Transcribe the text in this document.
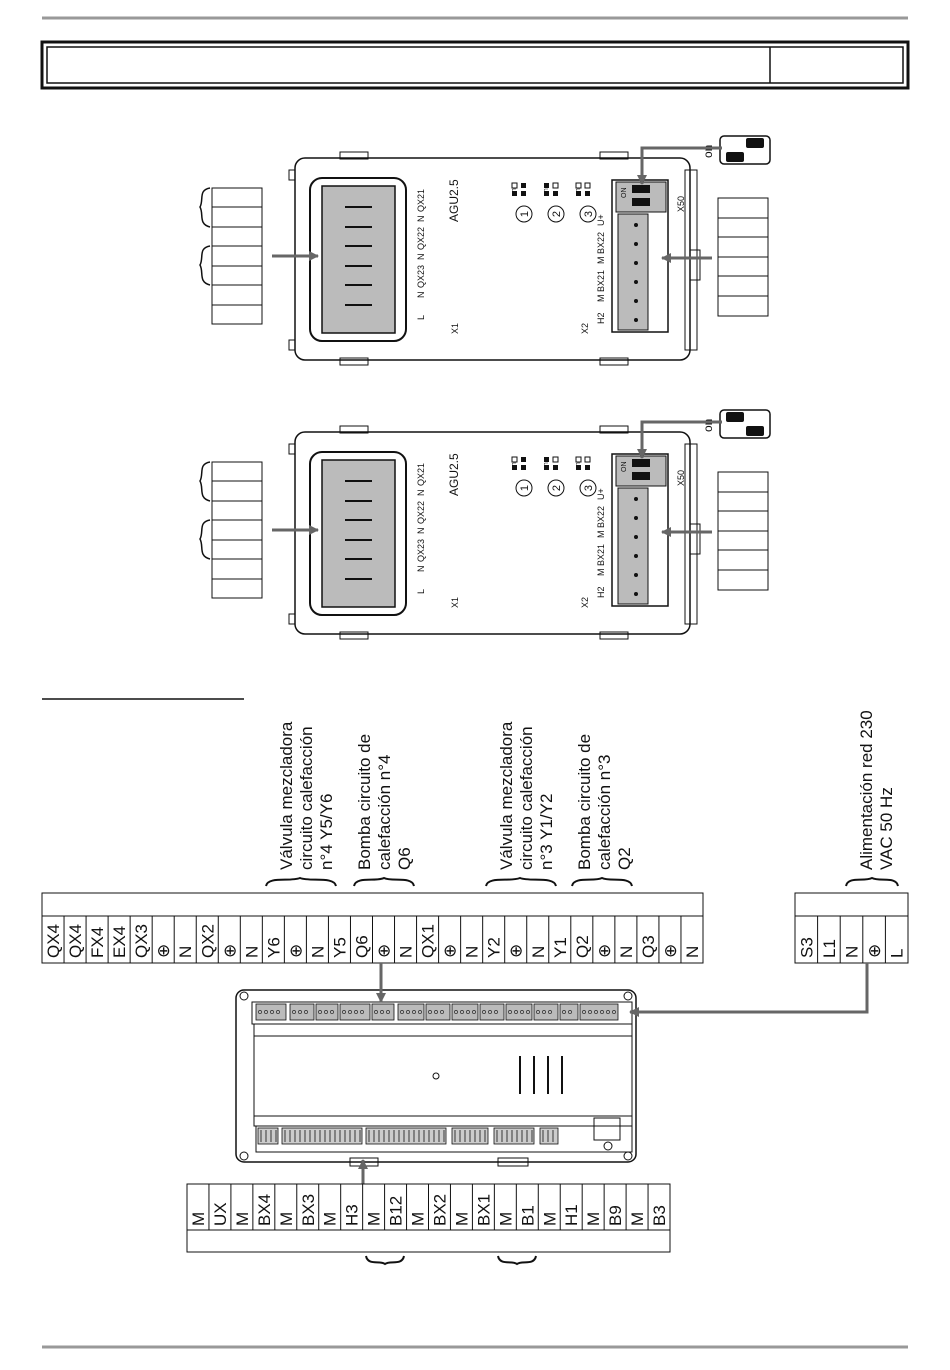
L
N
QX23
N
QX22
N
QX21
X1
AGU2.5	1 2 3
H2
M
BX21
M
BX22
U+
X2
X50
ON
on
L
N
QX23
N
QX22
N
QX21
X1
AGU2.5	1 2 3
H2
M
BX21
M
BX22
U+
X2
X50
ON
on
Válvula mezcladora circuito calefacción n°4 Y5/Y6 Bomba circuito de calefacción n°4 Q6	Válvula mezcladora circuito calefacción n°3 Y1/Y2 Bomba circuito de calefacción n°3 Q2	Alimentación red 230 VAC 50 Hz
QX4 QX4 FX4 EX4 QX3 ⊕ N QX2 ⊕ N Y6 ⊕ N Y5 Q6 ⊕ N QX1 ⊕ N Y2 ⊕ N Y1 Q2 ⊕ N Q3 ⊕ N	S3 L1 N ⊕ L
M UX M BX4 M BX3 M H3 M B12 M BX2 M BX1 M B1 M H1 M B9 M B3
